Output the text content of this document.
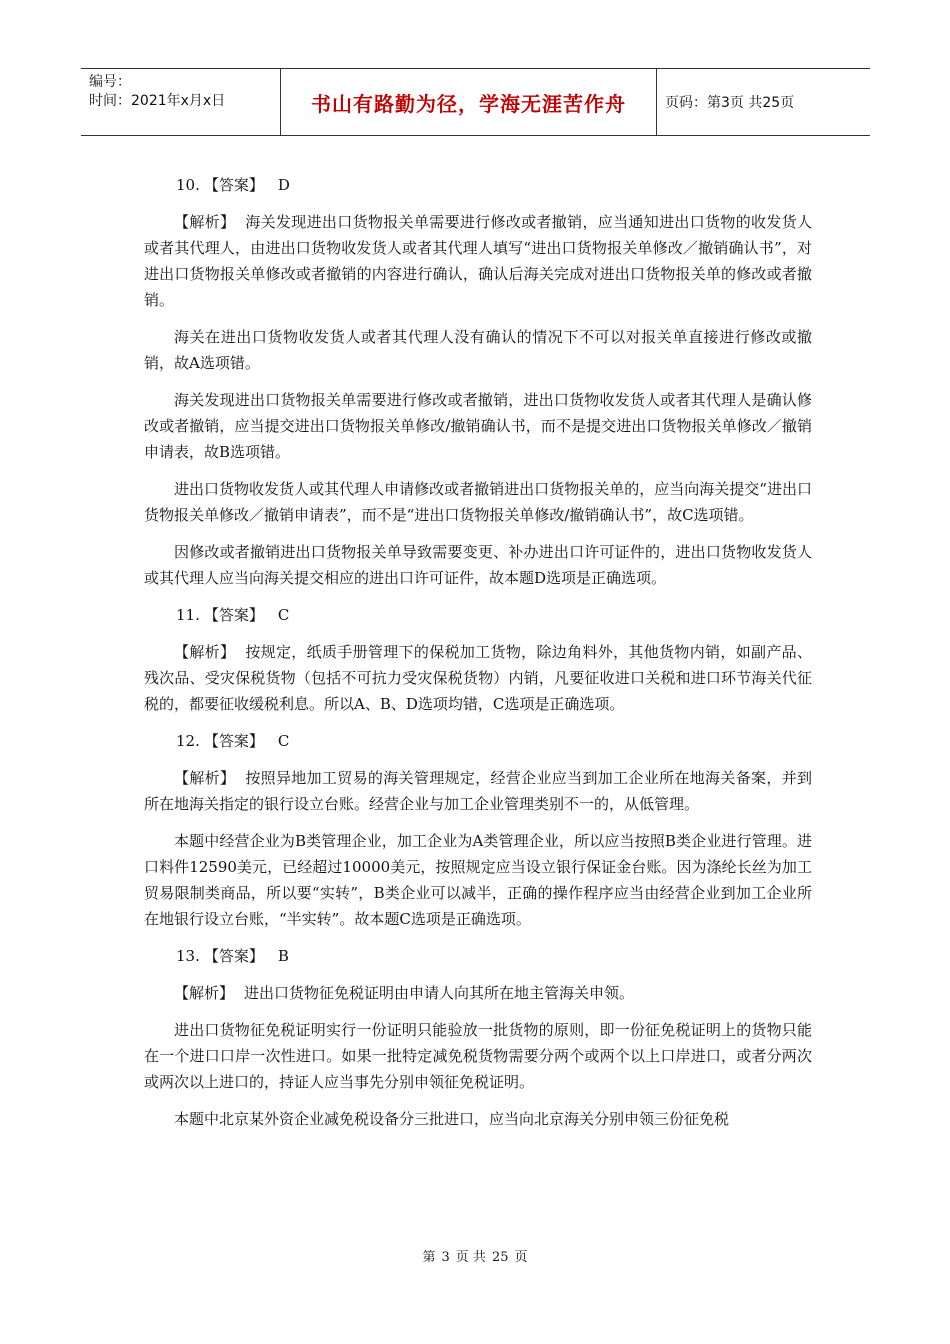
编号：
时间：2021年x月x日	书山有路勤为径，学海无涯苦作舟	页码：第3页 共25页
10. 【答案】 D
【解析】 海关发现进出口货物报关单需要进行修改或者撤销，应当通知进出口货物的收发货人或者其代理人，由进出口货物收发货人或者其代理人填写“进出口货物报关单修改／撤销确认书”，对进出口货物报关单修改或者撤销的内容进行确认，确认后海关完成对进出口货物报关单的修改或者撤销。
海关在进出口货物收发货人或者其代理人没有确认的情况下不可以对报关单直接进行修改或撤销，故A选项错。
海关发现进出口货物报关单需要进行修改或者撤销，进出口货物收发货人或者其代理人是确认修改或者撤销，应当提交进出口货物报关单修改/撤销确认书，而不是提交进出口货物报关单修改／撤销申请表，故B选项错。
进出口货物收发货人或其代理人申请修改或者撤销进出口货物报关单的，应当向海关提交“进出口货物报关单修改／撤销申请表”，而不是“进出口货物报关单修改/撤销确认书”，故C选项错。
因修改或者撤销进出口货物报关单导致需要变更、补办进出口许可证件的，进出口货物收发货人或其代理人应当向海关提交相应的进出口许可证件，故本题D选项是正确选项。
11. 【答案】 C
【解析】 按规定，纸质手册管理下的保税加工货物，除边角料外，其他货物内销，如副产品、残次品、受灾保税货物（包括不可抗力受灾保税货物）内销，凡要征收进口关税和进口环节海关代征税的，都要征收缓税利息。所以A、B、D选项均错，C选项是正确选项。
12. 【答案】 C
【解析】 按照异地加工贸易的海关管理规定，经营企业应当到加工企业所在地海关备案，并到所在地海关指定的银行设立台账。经营企业与加工企业管理类别不一的，从低管理。
本题中经营企业为B类管理企业，加工企业为A类管理企业，所以应当按照B类企业进行管理。进口料件12590美元，已经超过10000美元，按照规定应当设立银行保证金台账。因为涤纶长丝为加工贸易限制类商品，所以要“实转”，B类企业可以减半，正确的操作程序应当由经营企业到加工企业所在地银行设立台账，“半实转”。故本题C选项是正确选项。
13. 【答案】 B
【解析】 进出口货物征免税证明由申请人向其所在地主管海关申领。
进出口货物征免税证明实行一份证明只能验放一批货物的原则，即一份征免税证明上的货物只能在一个进口口岸一次性进口。如果一批特定减免税货物需要分两个或两个以上口岸进口，或者分两次或两次以上进口的，持证人应当事先分别申领征免税证明。
本题中北京某外资企业减免税设备分三批进口，应当向北京海关分别申领三份征免税
第 3 页 共 25 页
